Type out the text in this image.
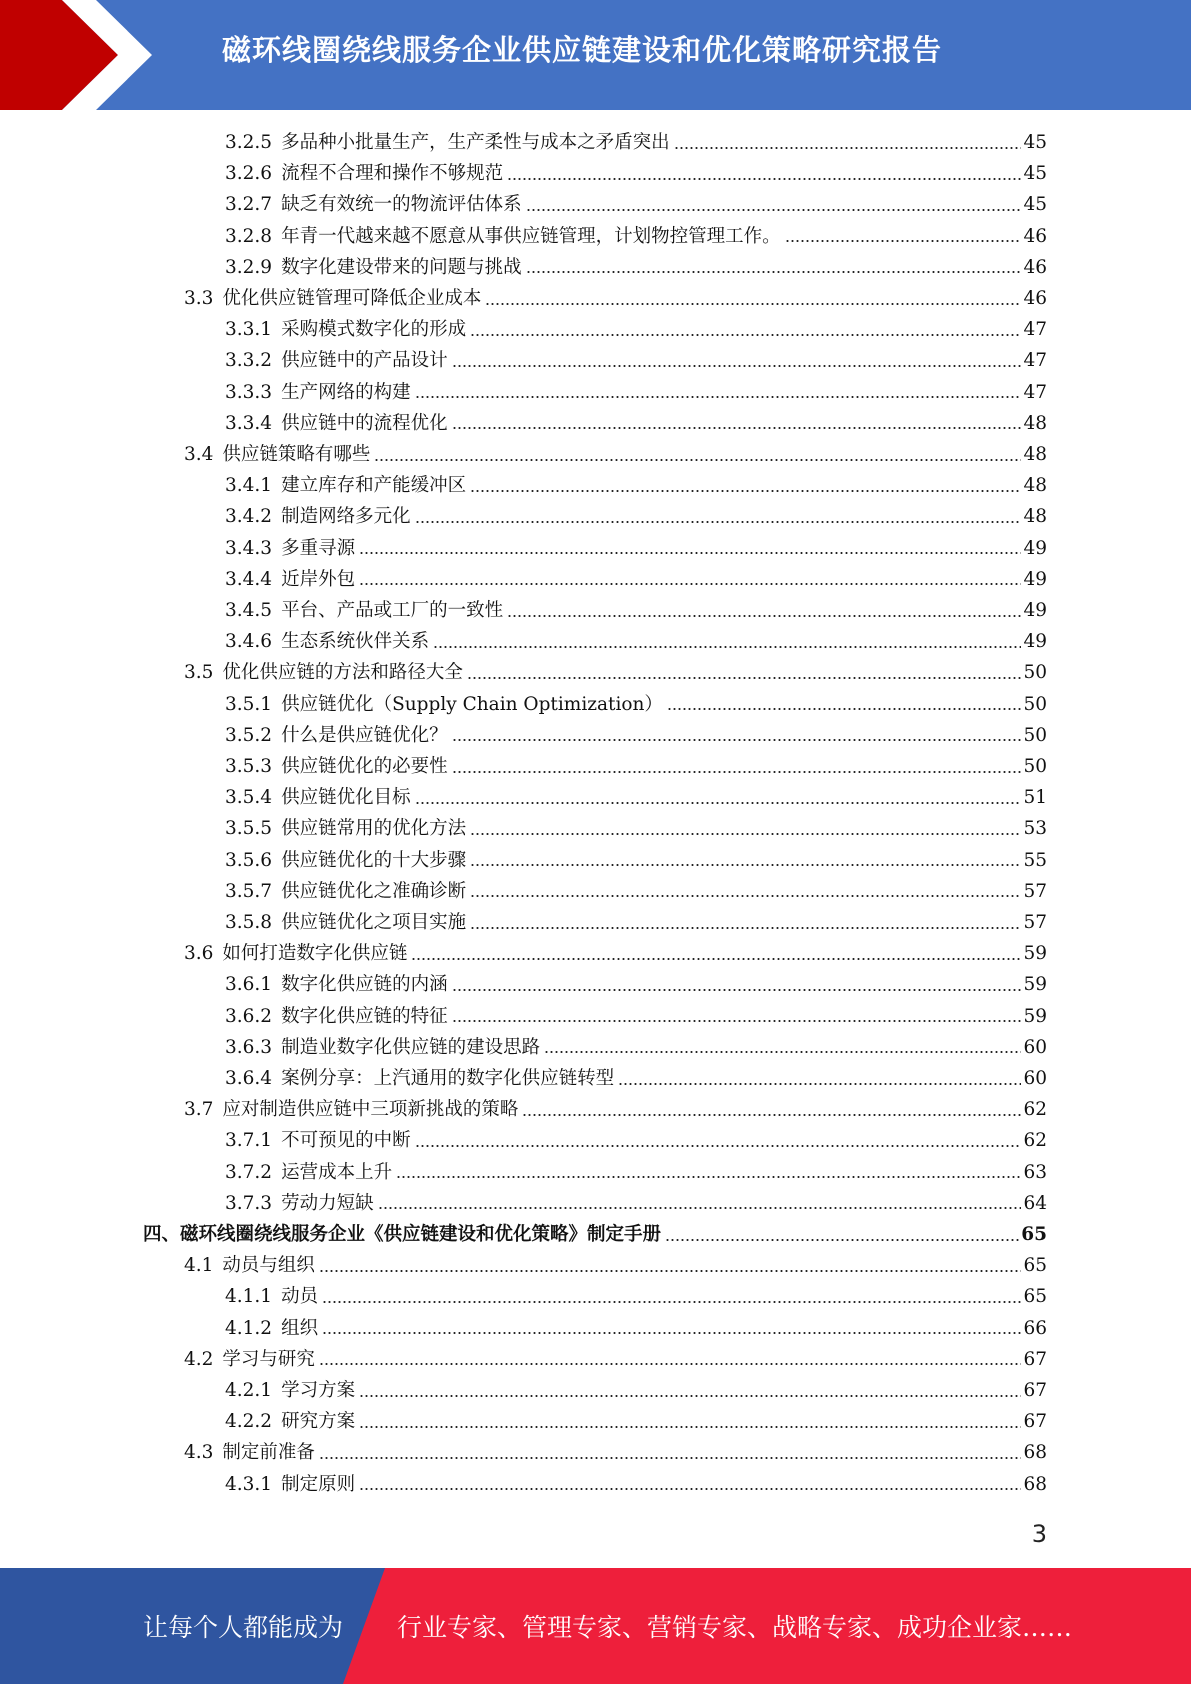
磁环线圈绕线服务企业供应链建设和优化策略研究报告
3.2.5 多品种小批量生产，生产柔性与成本之矛盾突出	45
3.2.6 流程不合理和操作不够规范	45
3.2.7 缺乏有效统一的物流评估体系	45
3.2.8 年青一代越来越不愿意从事供应链管理，计划物控管理工作。	46
3.2.9 数字化建设带来的问题与挑战	46
3.3 优化供应链管理可降低企业成本	46
3.3.1 采购模式数字化的形成	47
3.3.2 供应链中的产品设计	47
3.3.3 生产网络的构建	47
3.3.4 供应链中的流程优化	48
3.4 供应链策略有哪些	48
3.4.1 建立库存和产能缓冲区	48
3.4.2 制造网络多元化	48
3.4.3 多重寻源	49
3.4.4 近岸外包	49
3.4.5 平台、产品或工厂的一致性	49
3.4.6 生态系统伙伴关系	49
3.5 优化供应链的方法和路径大全	50
3.5.1 供应链优化（Supply Chain Optimization）	50
3.5.2 什么是供应链优化？	50
3.5.3 供应链优化的必要性	50
3.5.4 供应链优化目标	51
3.5.5 供应链常用的优化方法	53
3.5.6 供应链优化的十大步骤	55
3.5.7 供应链优化之准确诊断	57
3.5.8 供应链优化之项目实施	57
3.6 如何打造数字化供应链	59
3.6.1 数字化供应链的内涵	59
3.6.2 数字化供应链的特征	59
3.6.3 制造业数字化供应链的建设思路	60
3.6.4 案例分享：上汽通用的数字化供应链转型	60
3.7 应对制造供应链中三项新挑战的策略	62
3.7.1 不可预见的中断	62
3.7.2 运营成本上升	63
3.7.3 劳动力短缺	64
四、磁环线圈绕线服务企业《供应链建设和优化策略》制定手册	65
4.1 动员与组织	65
4.1.1 动员	65
4.1.2 组织	66
4.2 学习与研究	67
4.2.1 学习方案	67
4.2.2 研究方案	67
4.3 制定前准备	68
4.3.1 制定原则	68
3
让每个人都能成为 行业专家、管理专家、营销专家、战略专家、成功企业家……
